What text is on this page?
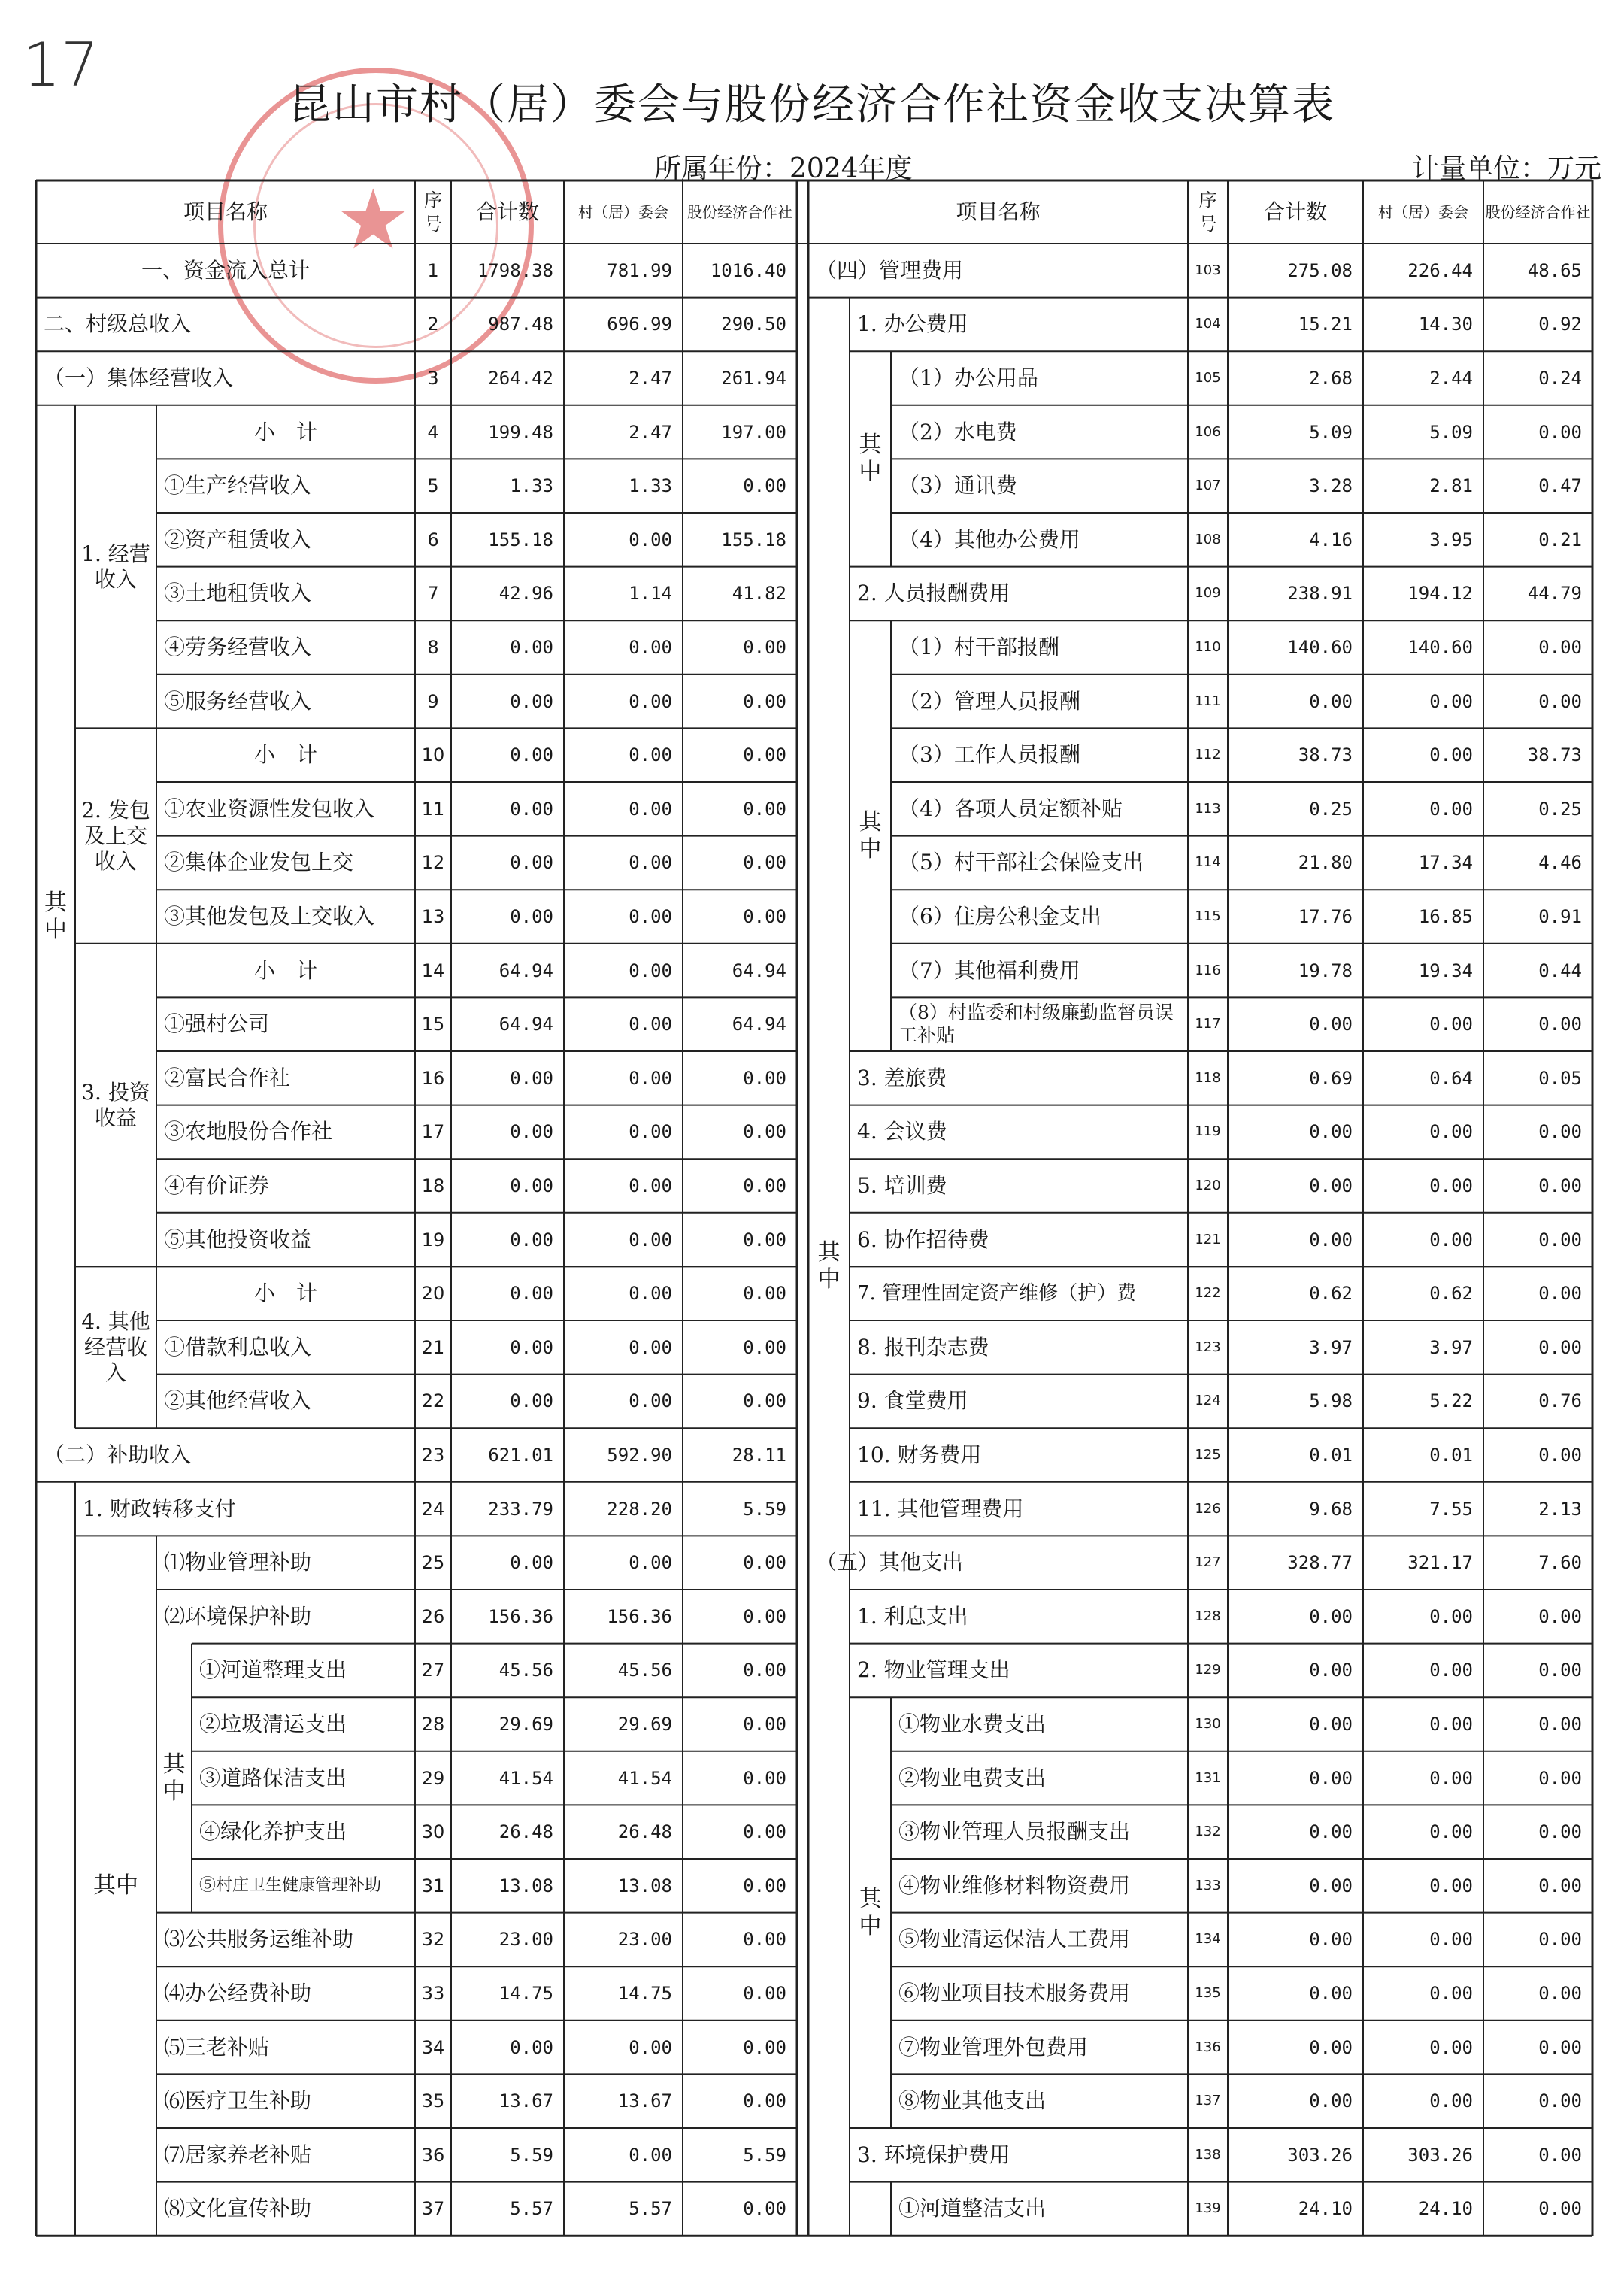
★
17
昆山市村（居）委会与股份经济合作社资金收支决算表
所属年份：2024年度	计量单位：万元
项目名称	序号	合计数	村（居）委会	股份经济合作社	项目名称	序号	合计数	村（居）委会	股份经济合作社
一、资金流入总计	1	1798.38	781.99	1016.40
二、村级总收入	2	987.48	696.99	290.50
（一）集体经营收入	3	264.42	2.47	261.94
小　计	4	199.48	2.47	197.00
①生产经营收入	5	1.33	1.33	0.00
②资产租赁收入	6	155.18	0.00	155.18
③土地租赁收入	7	42.96	1.14	41.82
④劳务经营收入	8	0.00	0.00	0.00
⑤服务经营收入	9	0.00	0.00	0.00
小　计	10	0.00	0.00	0.00
①农业资源性发包收入	11	0.00	0.00	0.00
②集体企业发包上交	12	0.00	0.00	0.00
③其他发包及上交收入	13	0.00	0.00	0.00
小　计	14	64.94	0.00	64.94
①强村公司	15	64.94	0.00	64.94
②富民合作社	16	0.00	0.00	0.00
③农地股份合作社	17	0.00	0.00	0.00
④有价证券	18	0.00	0.00	0.00
⑤其他投资收益	19	0.00	0.00	0.00
小　计	20	0.00	0.00	0.00
①借款利息收入	21	0.00	0.00	0.00
②其他经营收入	22	0.00	0.00	0.00
（二）补助收入	23	621.01	592.90	28.11
1. 财政转移支付	24	233.79	228.20	5.59
⑴物业管理补助	25	0.00	0.00	0.00
⑵环境保护补助	26	156.36	156.36	0.00
①河道整理支出	27	45.56	45.56	0.00
②垃圾清运支出	28	29.69	29.69	0.00
③道路保洁支出	29	41.54	41.54	0.00
④绿化养护支出	30	26.48	26.48	0.00
⑤村庄卫生健康管理补助	31	13.08	13.08	0.00
⑶公共服务运维补助	32	23.00	23.00	0.00
⑷办公经费补助	33	14.75	14.75	0.00
⑸三老补贴	34	0.00	0.00	0.00
⑹医疗卫生补助	35	13.67	13.67	0.00
⑺居家养老补贴	36	5.59	0.00	5.59
⑻文化宣传补助	37	5.57	5.57	0.00
其中
1. 经营收入
2. 发包及上交收入
3. 投资收益
4. 其他经营收入
其中
其中
（四）管理费用	103	275.08	226.44	48.65
1. 办公费用	104	15.21	14.30	0.92
（1）办公用品	105	2.68	2.44	0.24
（2）水电费	106	5.09	5.09	0.00
（3）通讯费	107	3.28	2.81	0.47
（4）其他办公费用	108	4.16	3.95	0.21
2. 人员报酬费用	109	238.91	194.12	44.79
（1）村干部报酬	110	140.60	140.60	0.00
（2）管理人员报酬	111	0.00	0.00	0.00
（3）工作人员报酬	112	38.73	0.00	38.73
（4）各项人员定额补贴	113	0.25	0.00	0.25
（5）村干部社会保险支出	114	21.80	17.34	4.46
（6）住房公积金支出	115	17.76	16.85	0.91
（7）其他福利费用	116	19.78	19.34	0.44
（8）村监委和村级廉勤监督员误工补贴
117	0.00	0.00	0.00
3. 差旅费	118	0.69	0.64	0.05
4. 会议费	119	0.00	0.00	0.00
5. 培训费	120	0.00	0.00	0.00
6. 协作招待费	121	0.00	0.00	0.00
7. 管理性固定资产维修（护）费	122	0.62	0.62	0.00
8. 报刊杂志费	123	3.97	3.97	0.00
9. 食堂费用	124	5.98	5.22	0.76
10. 财务费用	125	0.01	0.01	0.00
11. 其他管理费用	126	9.68	7.55	2.13
（五）其他支出	127	328.77	321.17	7.60
1. 利息支出	128	0.00	0.00	0.00
2. 物业管理支出	129	0.00	0.00	0.00
①物业水费支出	130	0.00	0.00	0.00
②物业电费支出	131	0.00	0.00	0.00
③物业管理人员报酬支出	132	0.00	0.00	0.00
④物业维修材料物资费用	133	0.00	0.00	0.00
⑤物业清运保洁人工费用	134	0.00	0.00	0.00
⑥物业项目技术服务费用	135	0.00	0.00	0.00
⑦物业管理外包费用	136	0.00	0.00	0.00
⑧物业其他支出	137	0.00	0.00	0.00
3. 环境保护费用	138	303.26	303.26	0.00
①河道整洁支出	139	24.10	24.10	0.00
其中
其中
其中
其中
